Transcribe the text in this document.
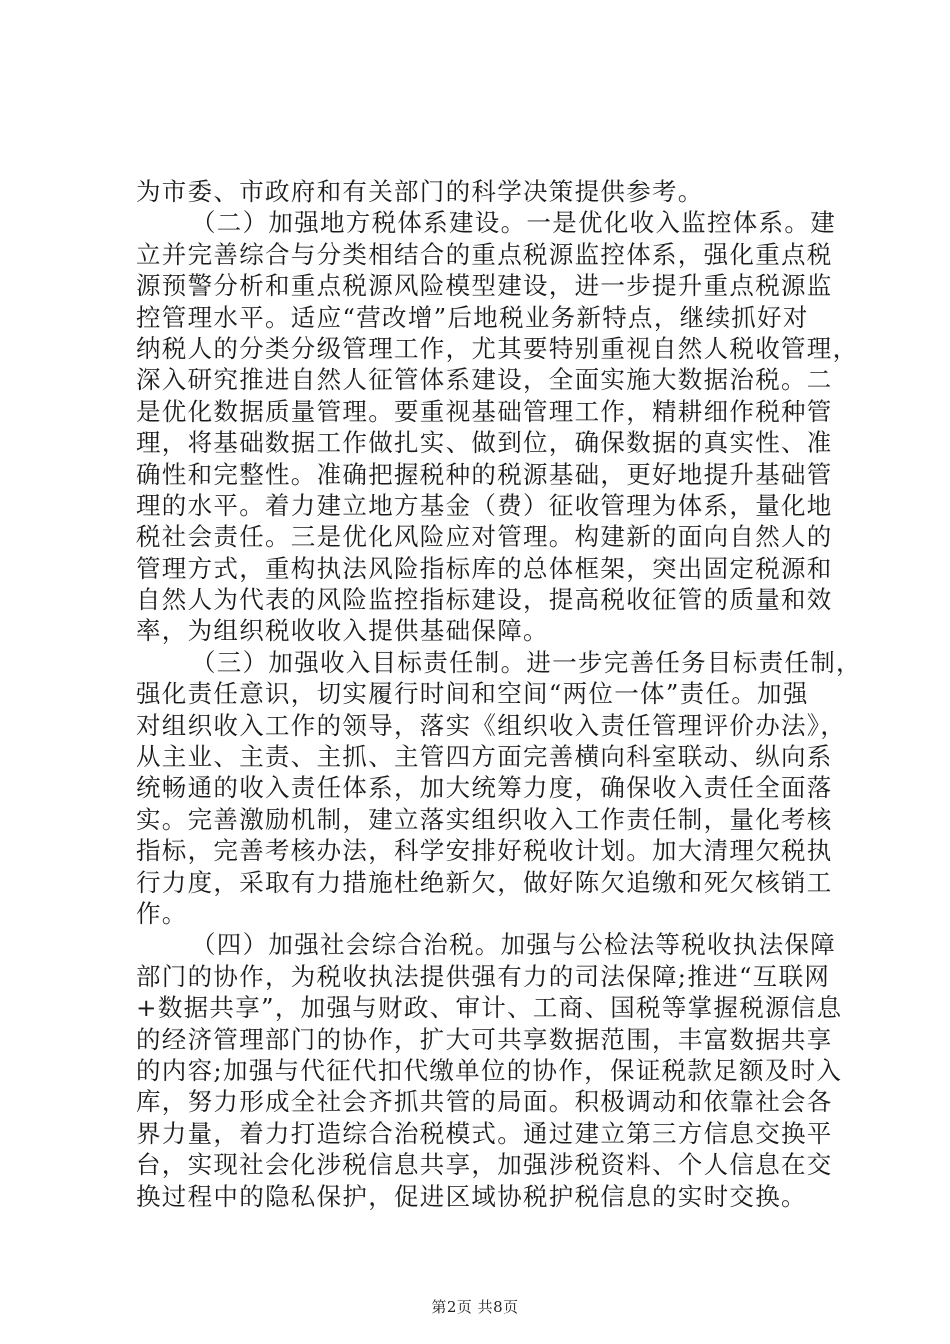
为市委、市政府和有关部门的科学决策提供参考。
（二）加强地方税体系建设。一是优化收入监控体系。建
立并完善综合与分类相结合的重点税源监控体系，强化重点税
源预警分析和重点税源风险模型建设，进一步提升重点税源监
控管理水平。适应“营改增”后地税业务新特点，继续抓好对
纳税人的分类分级管理工作，尤其要特别重视自然人税收管理，
深入研究推进自然人征管体系建设，全面实施大数据治税。二
是优化数据质量管理。要重视基础管理工作，精耕细作税种管
理，将基础数据工作做扎实、做到位，确保数据的真实性、准
确性和完整性。准确把握税种的税源基础，更好地提升基础管
理的水平。着力建立地方基金（费）征收管理为体系，量化地
税社会责任。三是优化风险应对管理。构建新的面向自然人的
管理方式，重构执法风险指标库的总体框架，突出固定税源和
自然人为代表的风险监控指标建设，提高税收征管的质量和效
率，为组织税收收入提供基础保障。
（三）加强收入目标责任制。进一步完善任务目标责任制，
强化责任意识，切实履行时间和空间“两位一体”责任。加强
对组织收入工作的领导，落实《组织收入责任管理评价办法》，
从主业、主责、主抓、主管四方面完善横向科室联动、纵向系
统畅通的收入责任体系，加大统筹力度，确保收入责任全面落
实。完善激励机制，建立落实组织收入工作责任制，量化考核
指标，完善考核办法，科学安排好税收计划。加大清理欠税执
行力度，采取有力措施杜绝新欠，做好陈欠追缴和死欠核销工
作。
（四）加强社会综合治税。加强与公检法等税收执法保障
部门的协作，为税收执法提供强有力的司法保障;推进“互联网
+数据共享”，加强与财政、审计、工商、国税等掌握税源信息
的经济管理部门的协作，扩大可共享数据范围，丰富数据共享
的内容;加强与代征代扣代缴单位的协作，保证税款足额及时入
库，努力形成全社会齐抓共管的局面。积极调动和依靠社会各
界力量，着力打造综合治税模式。通过建立第三方信息交换平
台，实现社会化涉税信息共享，加强涉税资料、个人信息在交
换过程中的隐私保护，促进区域协税护税信息的实时交换。
第2页 共8页
